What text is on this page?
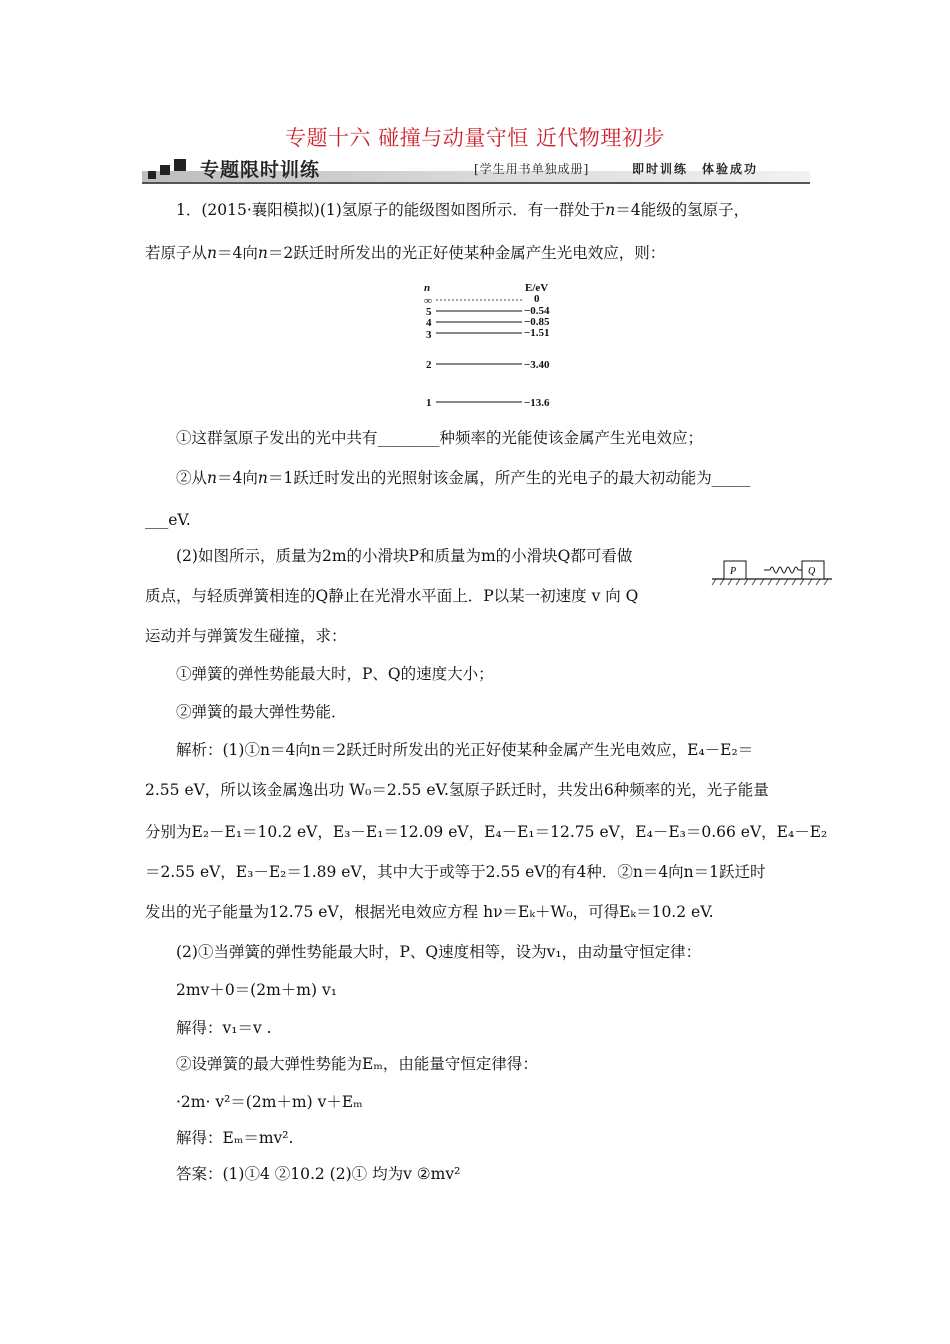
专题十六 碰撞与动量守恒 近代物理初步
专题限时训练	[学生用书单独成册]	即时训练　体验成功
1．(2015·襄阳模拟)(1)氢原子的能级图如图所示．有一群处于n＝4能级的氢原子，
若原子从n＝4向n＝2跃迁时所发出的光正好使某种金属产生光电效应，则：
n	E/eV
∞	0
5	−0.54
4	−0.85
3	−1.51
2	−3.40
1	−13.6
①这群氢原子发出的光中共有________种频率的光能使该金属产生光电效应；
②从n＝4向n＝1跃迁时发出的光照射该金属，所产生的光电子的最大初动能为_____
___eV.
(2)如图所示，质量为2m的小滑块P和质量为m的小滑块Q都可看做
质点，与轻质弹簧相连的Q静止在光滑水平面上．P以某一初速度 v 向 Q
运动并与弹簧发生碰撞，求：
P	Q
①弹簧的弹性势能最大时，P、Q的速度大小；
②弹簧的最大弹性势能．
解析：(1)①n＝4向n＝2跃迁时所发出的光正好使某种金属产生光电效应，E₄－E₂＝
2.55 eV，所以该金属逸出功 W₀＝2.55 eV.氢原子跃迁时，共发出6种频率的光，光子能量
分别为E₂－E₁＝10.2 eV，E₃－E₁＝12.09 eV，E₄－E₁＝12.75 eV，E₄－E₃＝0.66 eV，E₄－E₂
＝2.55 eV，E₃－E₂＝1.89 eV，其中大于或等于2.55 eV的有4种．②n＝4向n＝1跃迁时
发出的光子能量为12.75 eV，根据光电效应方程 hν＝Eₖ＋W₀，可得Eₖ＝10.2 eV.
(2)①当弹簧的弹性势能最大时，P、Q速度相等，设为v₁，由动量守恒定律：
2mv＋0＝(2m＋m) v₁
解得：v₁＝v .
②设弹簧的最大弹性势能为Eₘ，由能量守恒定律得：
·2m· v²＝(2m＋m) v＋Eₘ
解得：Eₘ＝mv².
答案：(1)①4 ②10.2 (2)① 均为v ②mv²
